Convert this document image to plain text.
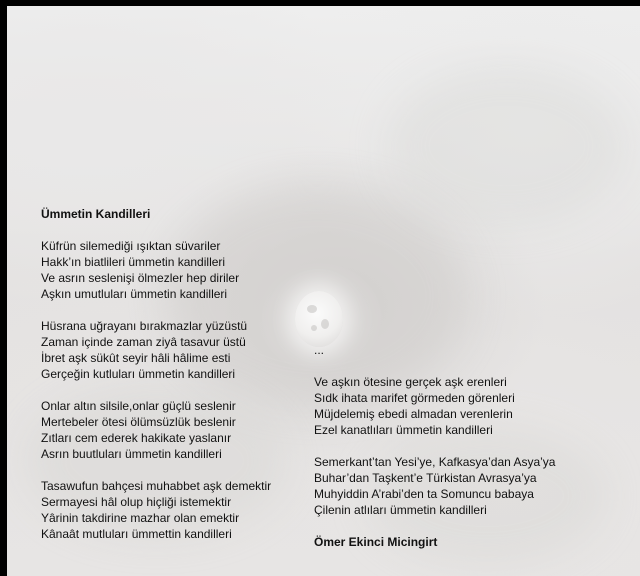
Ümmetin Kandilleri
Küfrün silemediği ışıktan süvariler
Hakk’ın biatlileri ümmetin kandilleri
Ve asrın seslenişi ölmezler hep diriler
Aşkın umutluları ümmetin kandilleri
Hüsrana uğrayanı bırakmazlar yüzüstü
Zaman içinde zaman ziyâ tasavur üstü
İbret aşk sükût seyir hâli hâlime esti
Gerçeğin kutluları ümmetin kandilleri
Onlar altın silsile,onlar güçlü seslenir
Mertebeler ötesi ölümsüzlük beslenir
Zıtları cem ederek hakikate yaslanır
Asrın buutluları ümmetin kandilleri
Tasawufun bahçesi muhabbet aşk demektir
Sermayesi hâl olup hiçliği istemektir
Yârinin takdirine mazhar olan emektir
Kânaât mutluları ümmettin kandilleri
...
Ve aşkın ötesine gerçek aşk erenleri
Sıdk ihata marifet görmeden görenleri
Müjdelemiş ebedi almadan verenlerin
Ezel kanatlıları ümmetin kandilleri
Semerkant’tan Yesi’ye, Kafkasya’dan Asya’ya
Buhar’dan Taşkent’e Türkistan Avrasya’ya
Muhyiddin A’rabi’den ta Somuncu babaya
Çilenin atlıları ümmetin kandilleri
Ömer Ekinci Micingirt
